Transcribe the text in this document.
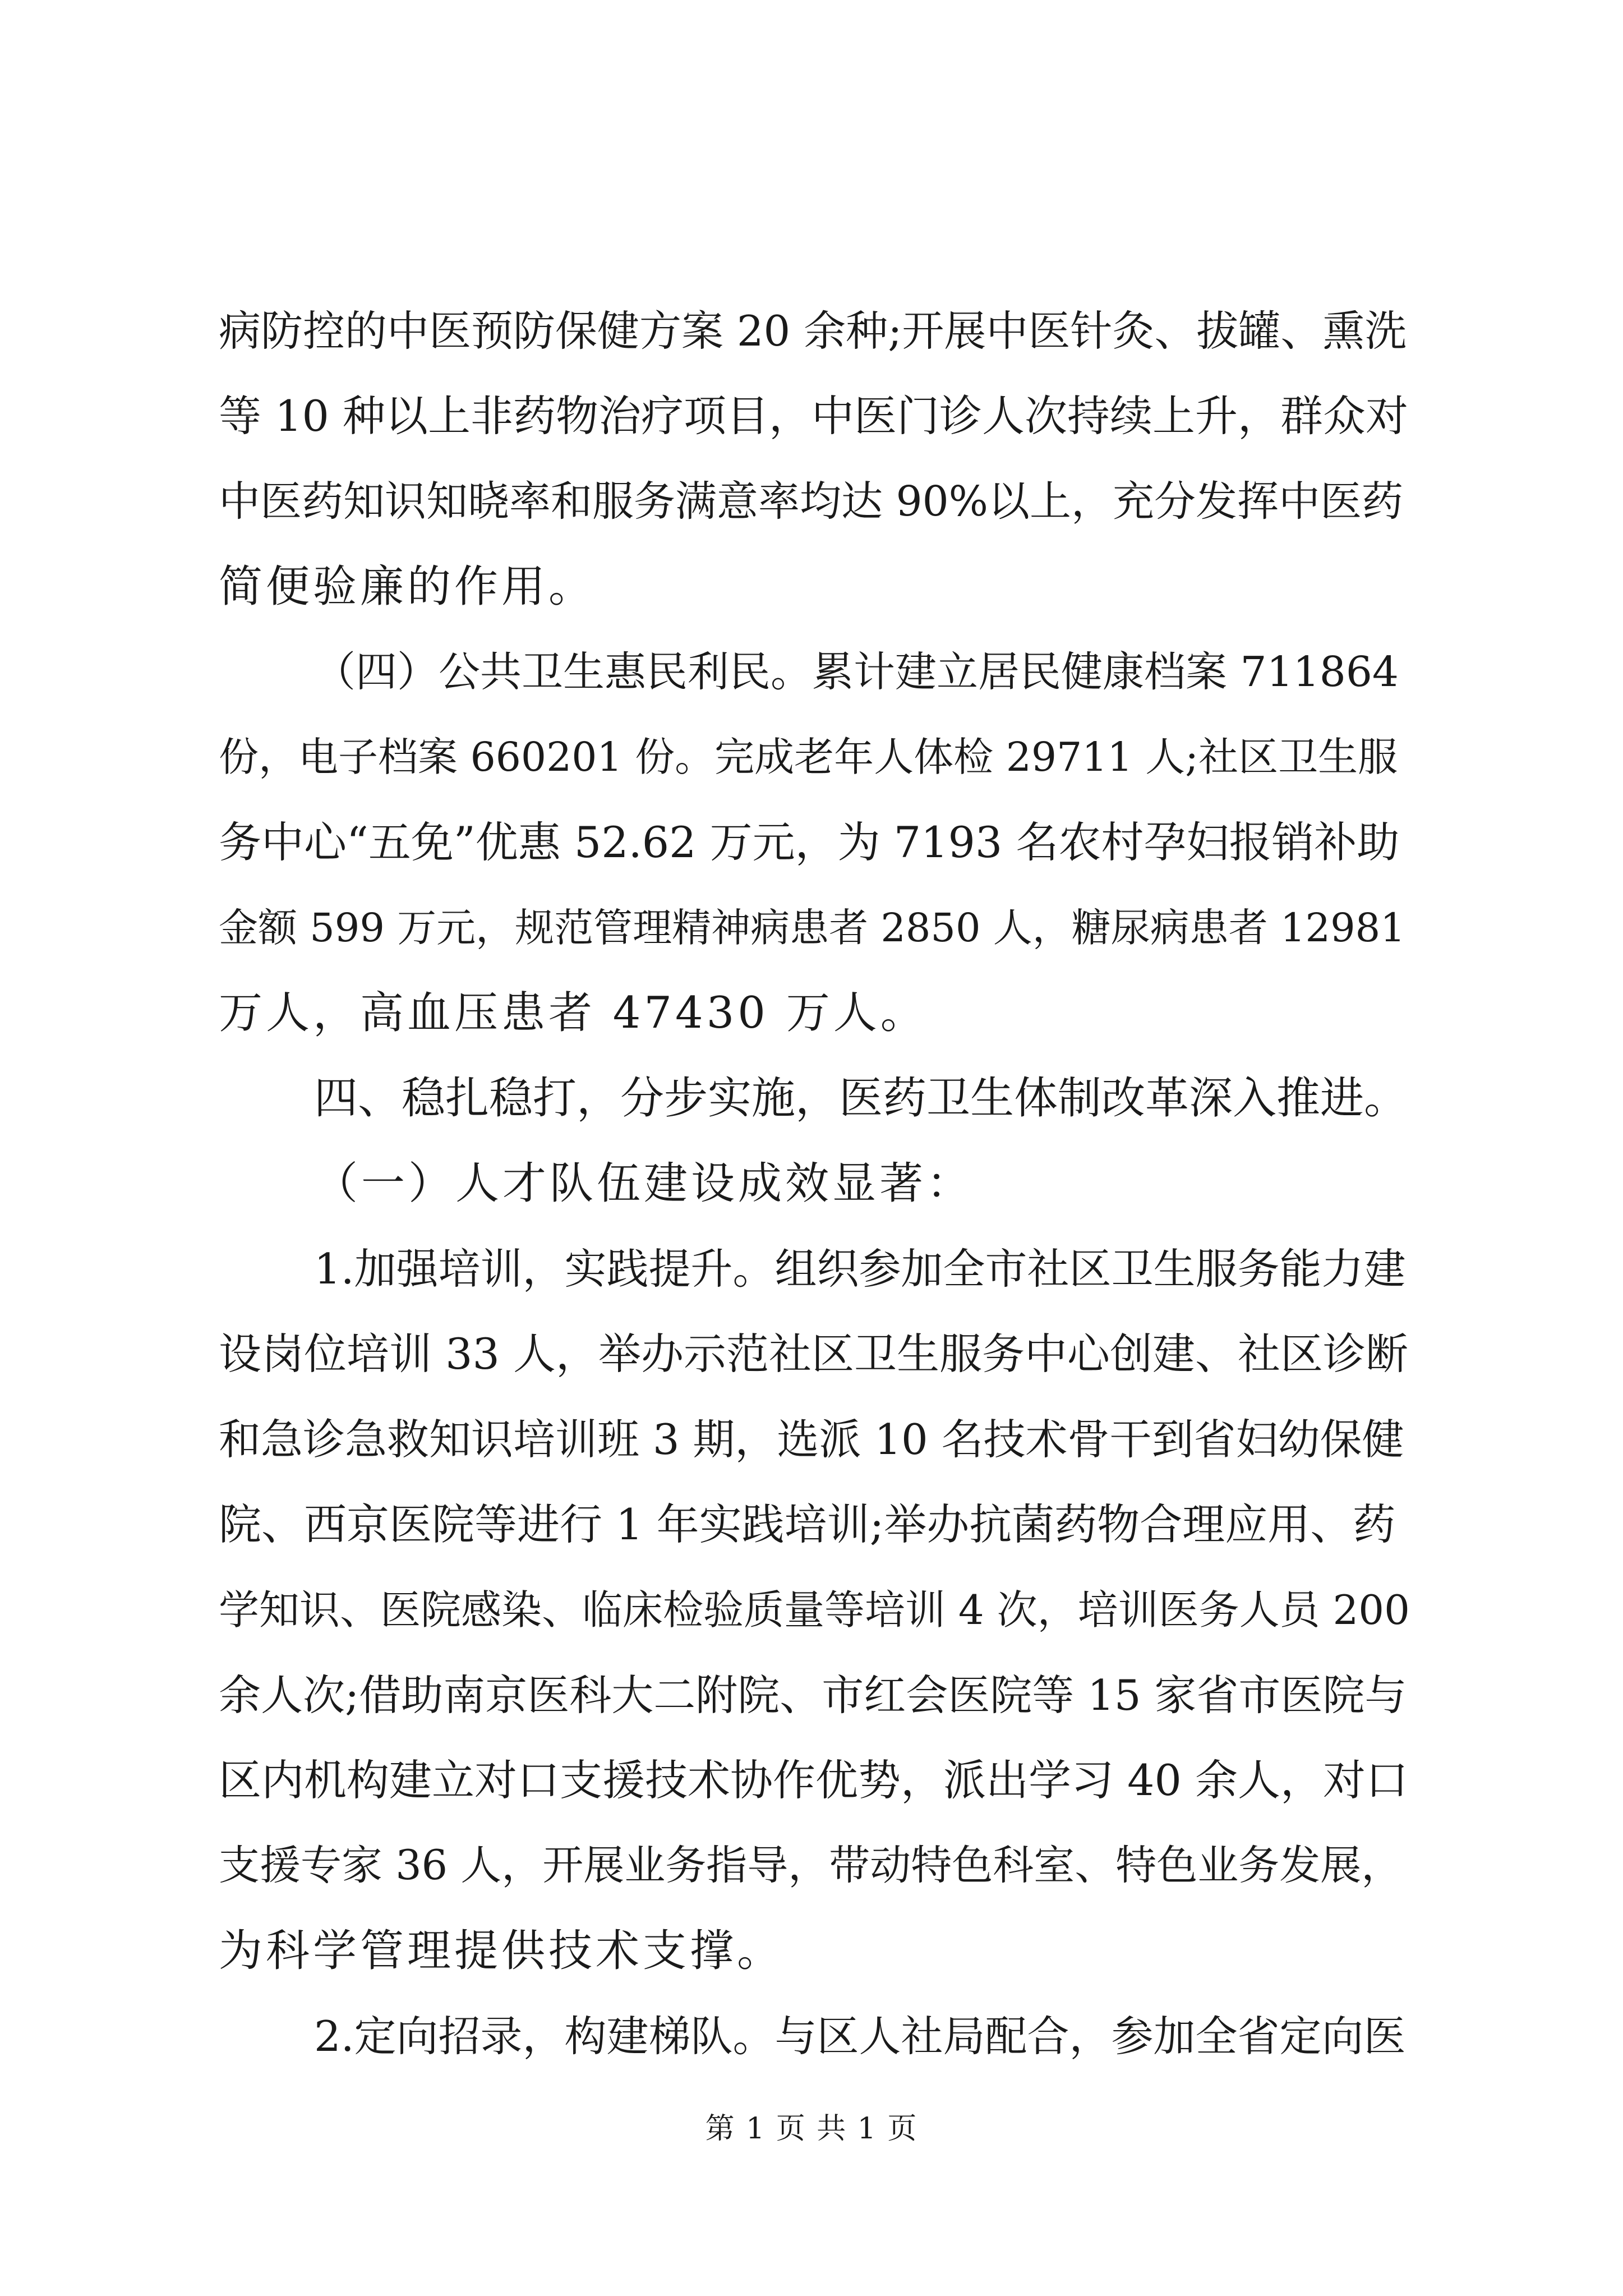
病防控的中医预防保健方案 20 余种;开展中医针灸、拔罐、熏洗
等 10 种以上非药物治疗项目，中医门诊人次持续上升，群众对
中医药知识知晓率和服务满意率均达 90%以上，充分发挥中医药
简便验廉的作用。
（四）公共卫生惠民利民。累计建立居民健康档案 711864
份，电子档案 660201 份。完成老年人体检 29711 人;社区卫生服
务中心“五免”优惠 52.62 万元，为 7193 名农村孕妇报销补助
金额 599 万元，规范管理精神病患者 2850 人，糖尿病患者 12981
万人，高血压患者 47430 万人。
四、稳扎稳打，分步实施，医药卫生体制改革深入推进。
（一）人才队伍建设成效显著：
1.加强培训，实践提升。组织参加全市社区卫生服务能力建
设岗位培训 33 人，举办示范社区卫生服务中心创建、社区诊断
和急诊急救知识培训班 3 期，选派 10 名技术骨干到省妇幼保健
院、西京医院等进行 1 年实践培训;举办抗菌药物合理应用、药
学知识、医院感染、临床检验质量等培训 4 次，培训医务人员 200
余人次;借助南京医科大二附院、市红会医院等 15 家省市医院与
区内机构建立对口支援技术协作优势，派出学习 40 余人，对口
支援专家 36 人，开展业务指导，带动特色科室、特色业务发展，
为科学管理提供技术支撑。
2.定向招录，构建梯队。与区人社局配合，参加全省定向医
第 1 页 共 1 页
